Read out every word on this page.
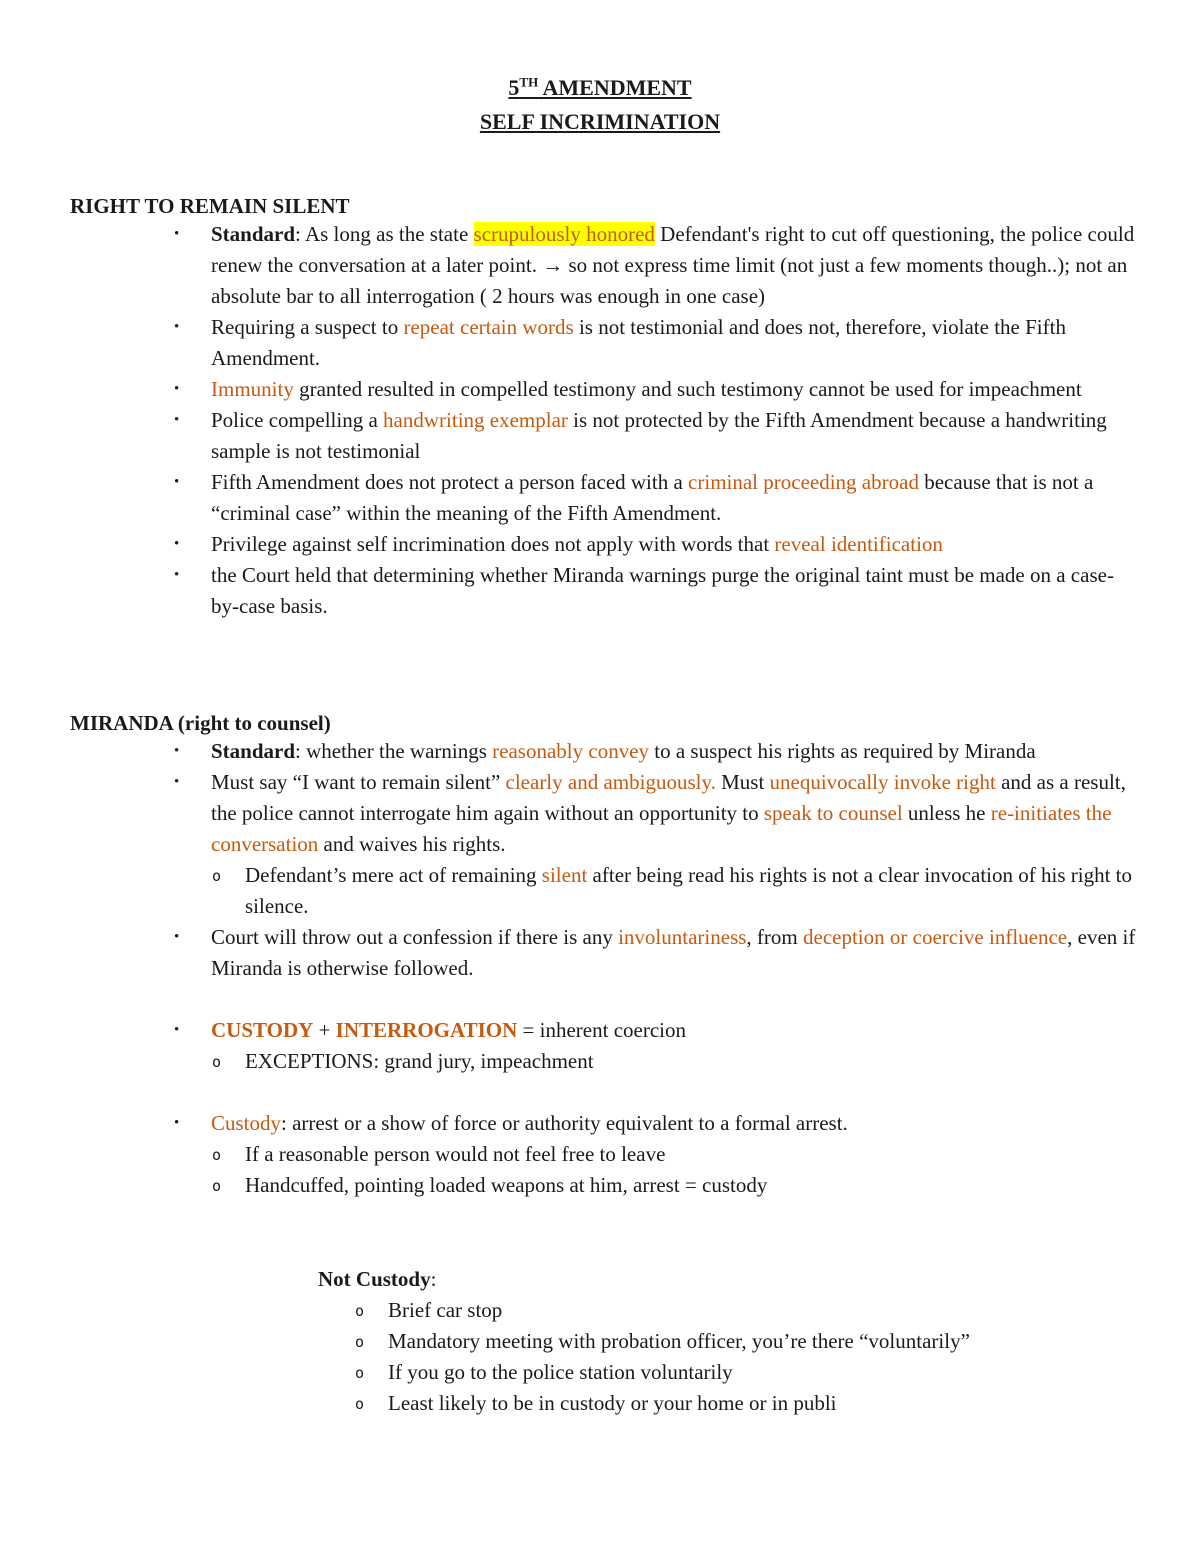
5TH AMENDMENT
SELF INCRIMINATION
RIGHT TO REMAIN SILENT
• Standard: As long as the state scrupulously honored Defendant's right to cut off questioning, the police could renew the conversation at a later point. → so not express time limit (not just a few moments though..); not an absolute bar to all interrogation ( 2 hours was enough in one case)
• Requiring a suspect to repeat certain words is not testimonial and does not, therefore, violate the Fifth Amendment.
• Immunity granted resulted in compelled testimony and such testimony cannot be used for impeachment
• Police compelling a handwriting exemplar is not protected by the Fifth Amendment because a handwriting sample is not testimonial
• Fifth Amendment does not protect a person faced with a criminal proceeding abroad because that is not a “criminal case” within the meaning of the Fifth Amendment.
• Privilege against self incrimination does not apply with words that reveal identification
• the Court held that determining whether Miranda warnings purge the original taint must be made on a case-by-case basis.
MIRANDA (right to counsel)
• Standard: whether the warnings reasonably convey to a suspect his rights as required by Miranda
• Must say “I want to remain silent” clearly and ambiguously. Must unequivocally invoke right and as a result, the police cannot interrogate him again without an opportunity to speak to counsel unless he re-initiates the conversation and waives his rights.
o Defendant’s mere act of remaining silent after being read his rights is not a clear invocation of his right to silence.
• Court will throw out a confession if there is any involuntariness, from deception or coercive influence, even if Miranda is otherwise followed.
• CUSTODY + INTERROGATION = inherent coercion
o EXCEPTIONS: grand jury, impeachment
• Custody: arrest or a show of force or authority equivalent to a formal arrest.
o If a reasonable person would not feel free to leave
o Handcuffed, pointing loaded weapons at him, arrest = custody
Not Custody:
o Brief car stop
o Mandatory meeting with probation officer, you’re there “voluntarily”
o If you go to the police station voluntarily
o Least likely to be in custody or your home or in publi
